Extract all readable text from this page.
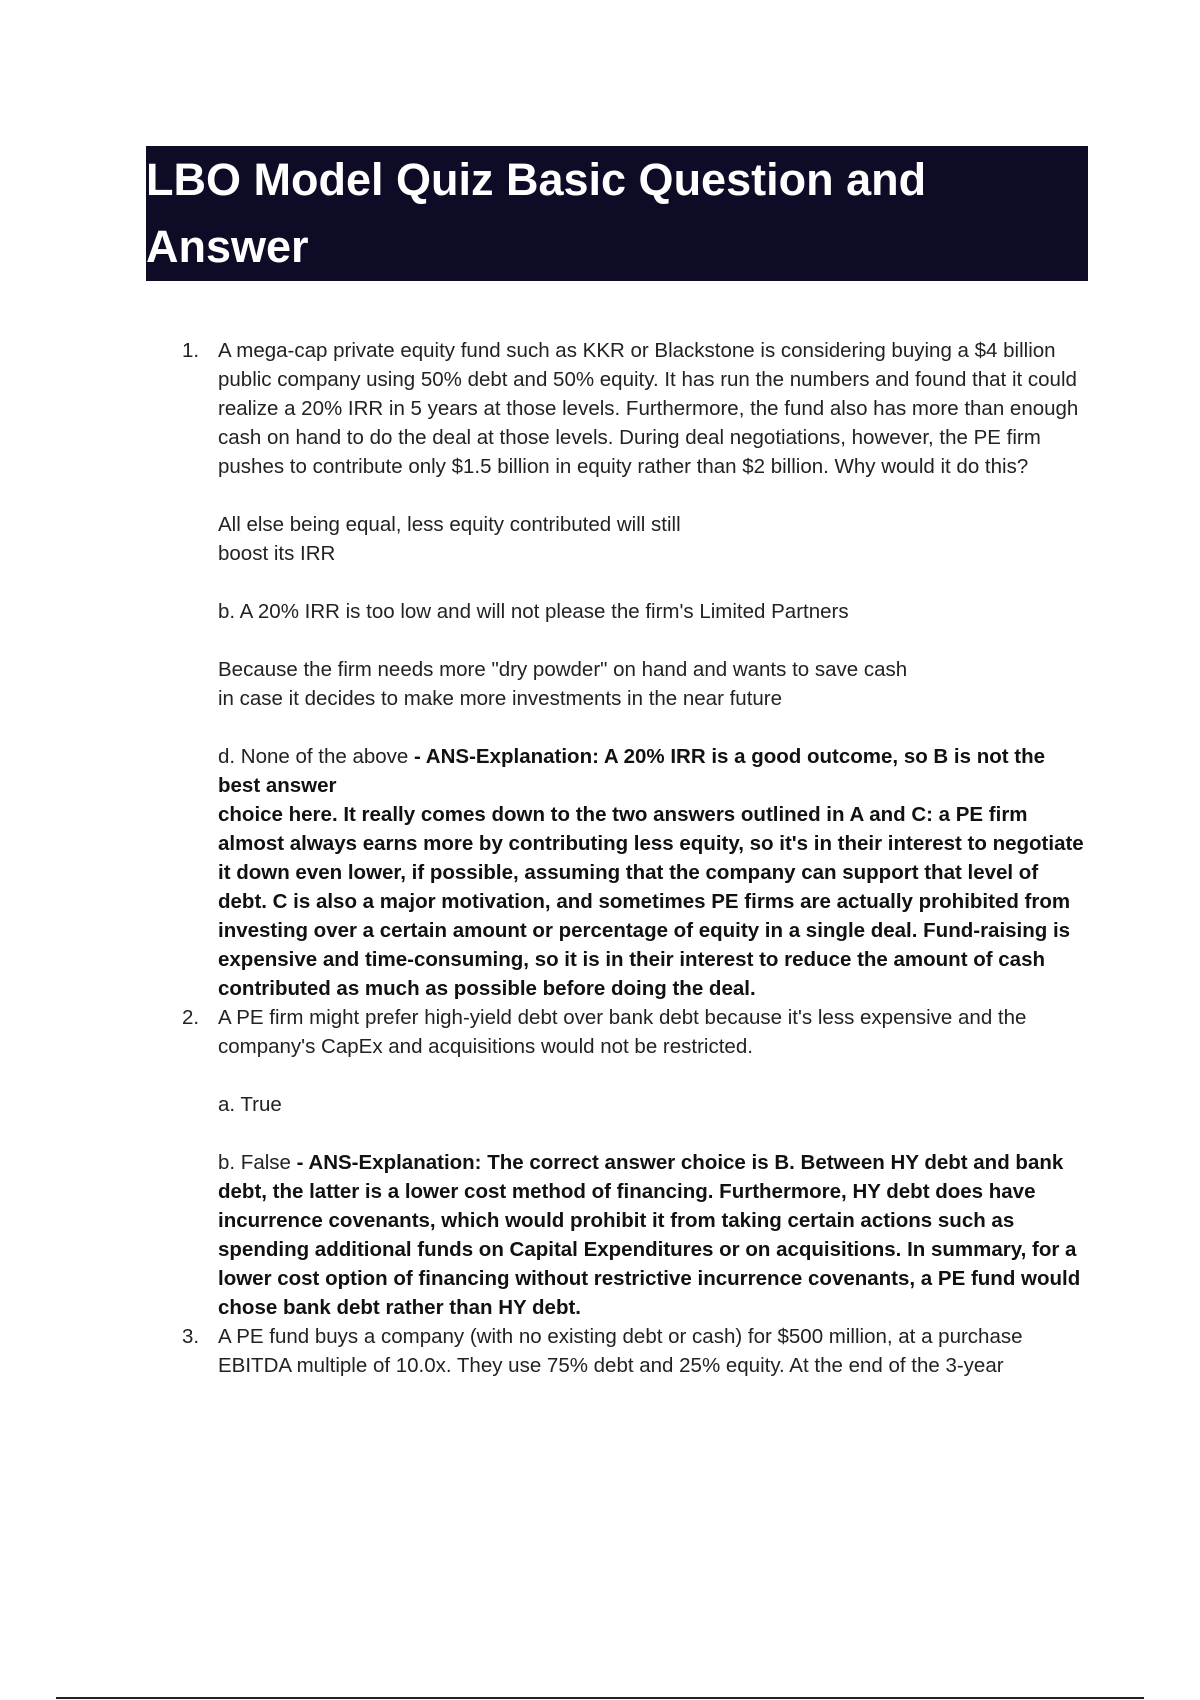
LBO Model Quiz Basic Question and Answer
1. A mega-cap private equity fund such as KKR or Blackstone is considering buying a $4 billion public company using 50% debt and 50% equity. It has run the numbers and found that it could realize a 20% IRR in 5 years at those levels. Furthermore, the fund also has more than enough cash on hand to do the deal at those levels. During deal negotiations, however, the PE firm pushes to contribute only $1.5 billion in equity rather than $2 billion. Why would it do this?

All else being equal, less equity contributed will still
boost its IRR

b. A 20% IRR is too low and will not please the firm's Limited Partners

Because the firm needs more "dry powder" on hand and wants to save cash
in case it decides to make more investments in the near future

d. None of the above - ANS-Explanation: A 20% IRR is a good outcome, so B is not the best answer
choice here. It really comes down to the two answers outlined in A and C: a PE firm almost always earns more by contributing less equity, so it's in their interest to negotiate it down even lower, if possible, assuming that the company can support that level of debt. C is also a major motivation, and sometimes PE firms are actually prohibited from investing over a certain amount or percentage of equity in a single deal. Fund-raising is expensive and time-consuming, so it is in their interest to reduce the amount of cash contributed as much as possible before doing the deal.

2. A PE firm might prefer high-yield debt over bank debt because it's less expensive and the company's CapEx and acquisitions would not be restricted.

a. True

b. False - ANS-Explanation: The correct answer choice is B. Between HY debt and bank debt, the latter is a lower cost method of financing. Furthermore, HY debt does have incurrence covenants, which would prohibit it from taking certain actions such as spending additional funds on Capital Expenditures or on acquisitions. In summary, for a lower cost option of financing without restrictive incurrence covenants, a PE fund would chose bank debt rather than HY debt.

3. A PE fund buys a company (with no existing debt or cash) for $500 million, at a purchase EBITDA multiple of 10.0x. They use 75% debt and 25% equity. At the end of the 3-year
